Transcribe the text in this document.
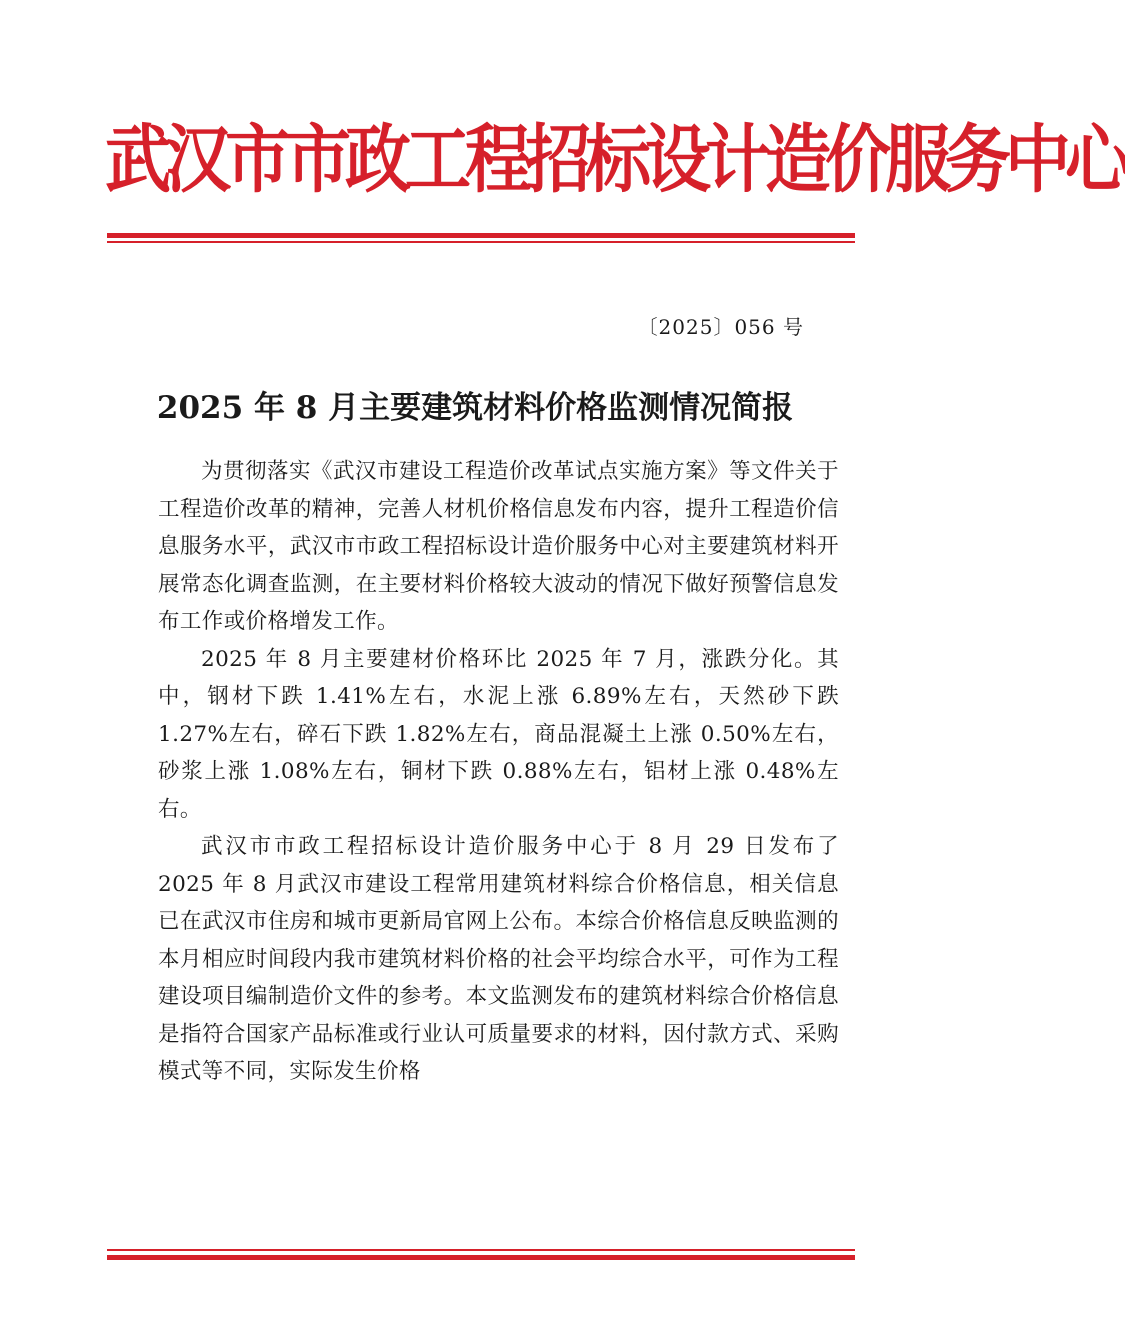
武汉市市政工程招标设计造价服务中心
〔2025〕056 号
2025 年 8 月主要建筑材料价格监测情况简报

为贯彻落实《武汉市建设工程造价改革试点实施方案》等文件关于工程造价改革的精神，完善人材机价格信息发布内容，提升工程造价信息服务水平，武汉市市政工程招标设计造价服务中心对主要建筑材料开展常态化调查监测，在主要材料价格较大波动的情况下做好预警信息发布工作或价格增发工作。

2025 年 8 月主要建材价格环比 2025 年 7 月，涨跌分化。其中，钢材下跌 1.41%左右，水泥上涨 6.89%左右，天然砂下跌 1.27%左右，碎石下跌 1.82%左右，商品混凝土上涨 0.50%左右，砂浆上涨 1.08%左右，铜材下跌 0.88%左右，铝材上涨 0.48%左右。

武汉市市政工程招标设计造价服务中心于 8 月 29 日发布了 2025 年 8 月武汉市建设工程常用建筑材料综合价格信息，相关信息已在武汉市住房和城市更新局官网上公布。本综合价格信息反映监测的本月相应时间段内我市建筑材料价格的社会平均综合水平，可作为工程建设项目编制造价文件的参考。本文监测发布的建筑材料综合价格信息是指符合国家产品标准或行业认可质量要求的材料，因付款方式、采购模式等不同，实际发生价格
